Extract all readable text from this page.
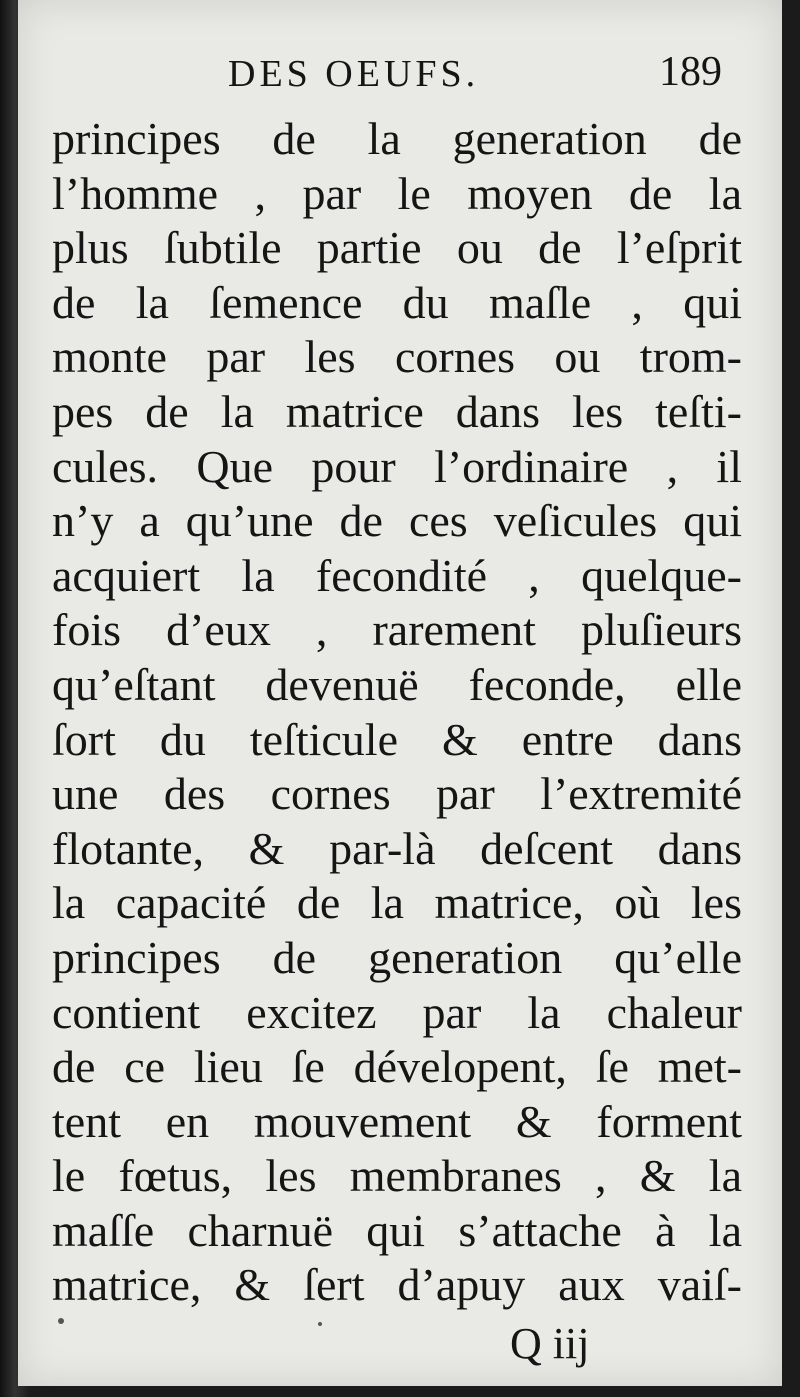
DES OEUFS.	189
principes de la generation de
l’homme , par le moyen de la
plus ſubtile partie ou de l’eſprit
de la ſemence du maſle , qui
monte par les cornes ou trom-
pes de la matrice dans les teſti-
cules. Que pour l’ordinaire , il
n’y a qu’une de ces veſicules qui
acquiert la fecondité , quelque-
fois d’eux , rarement pluſieurs
qu’eſtant devenuë feconde, elle
ſort du teſticule & entre dans
une des cornes par l’extremité
flotante, & par-là deſcent dans
la capacité de la matrice, où les
principes de generation qu’elle
contient excitez par la chaleur
de ce lieu ſe dévelopent, ſe met-
tent en mouvement & forment
le fœtus, les membranes , & la
maſſe charnuë qui s’attache à la
matrice, & ſert d’apuy aux vaiſ-
Q iij
